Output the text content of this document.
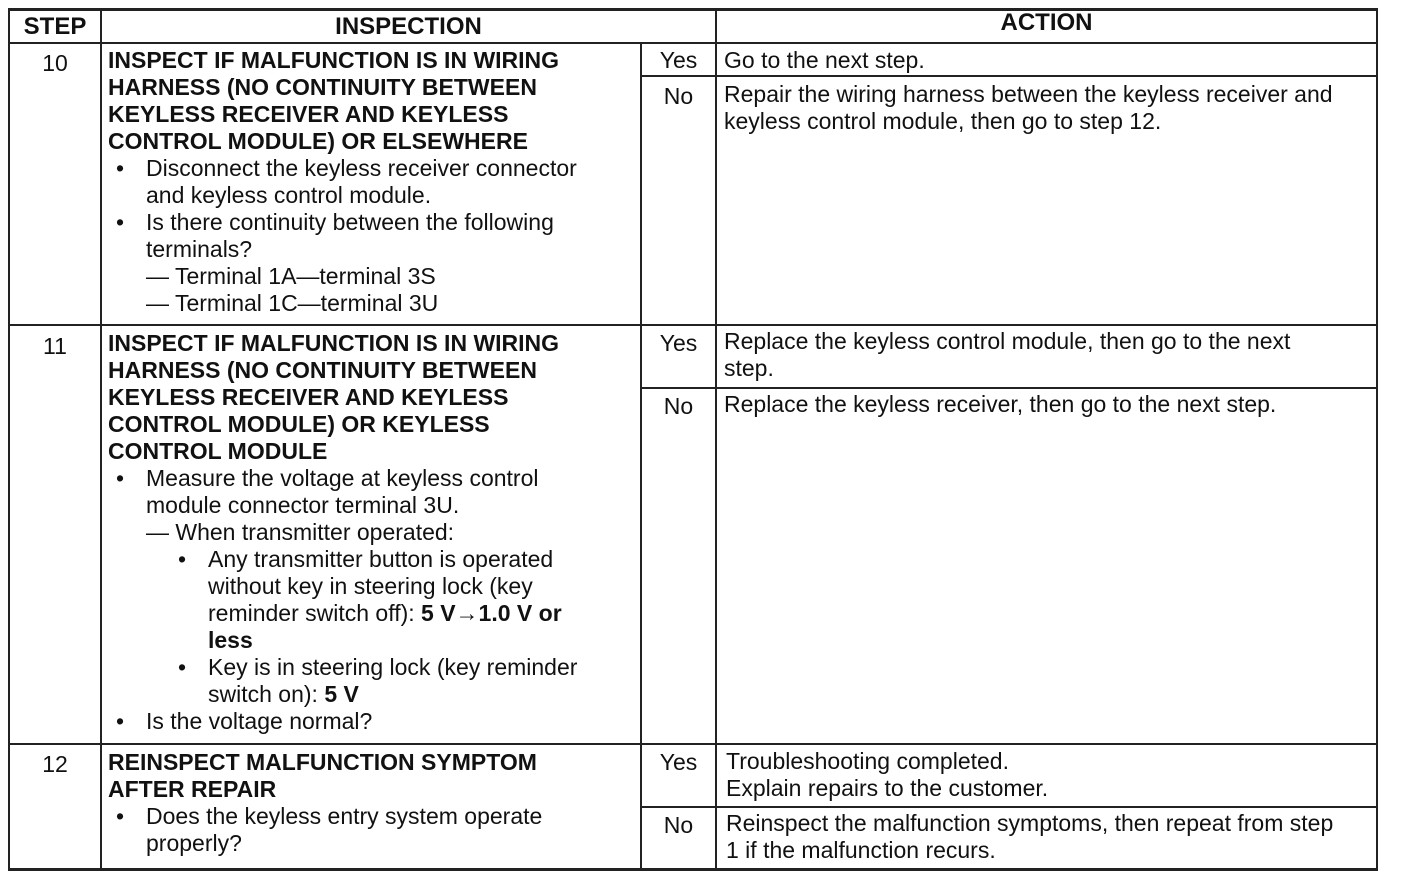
STEP	INSPECTION	ACTION
10	INSPECT IF MALFUNCTION IS IN WIRING
HARNESS (NO CONTINUITY BETWEEN
KEYLESS RECEIVER AND KEYLESS
CONTROL MODULE) OR ELSEWHERE
• Disconnect the keyless receiver connector
and keyless control module.
• Is there continuity between the following
terminals?
— Terminal 1A—terminal 3S
— Terminal 1C—terminal 3U
Yes	Go to the next step.
No	Repair the wiring harness between the keyless receiver and
keyless control module, then go to step 12.
11	INSPECT IF MALFUNCTION IS IN WIRING
HARNESS (NO CONTINUITY BETWEEN
KEYLESS RECEIVER AND KEYLESS
CONTROL MODULE) OR KEYLESS
CONTROL MODULE
• Measure the voltage at keyless control
module connector terminal 3U.
— When transmitter operated:
• Any transmitter button is operated
without key in steering lock (key
reminder switch off): 5 V→1.0 V or
less
• Key is in steering lock (key reminder
switch on): 5 V
• Is the voltage normal?
Yes	Replace the keyless control module, then go to the next
step.
No	Replace the keyless receiver, then go to the next step.
12	REINSPECT MALFUNCTION SYMPTOM
AFTER REPAIR
• Does the keyless entry system operate
properly?
Yes	Troubleshooting completed.
Explain repairs to the customer.
No	Reinspect the malfunction symptoms, then repeat from step
1 if the malfunction recurs.
